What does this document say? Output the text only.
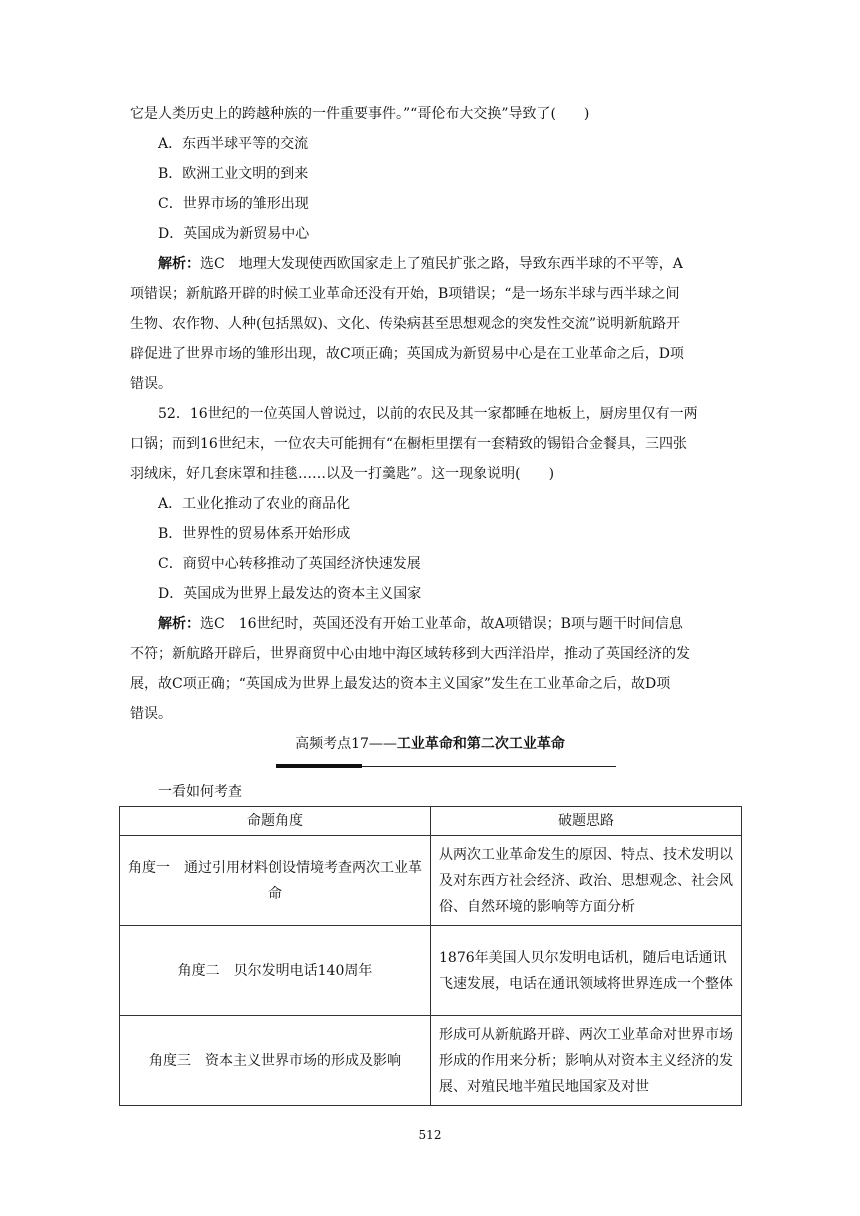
它是人类历史上的跨越种族的一件重要事件。”“哥伦布大交换”导致了(　　)
A．东西半球平等的交流
B．欧洲工业文明的到来
C．世界市场的雏形出现
D．英国成为新贸易中心
解析：选C　地理大发现使西欧国家走上了殖民扩张之路，导致东西半球的不平等，A
项错误；新航路开辟的时候工业革命还没有开始，B项错误；“是一场东半球与西半球之间
生物、农作物、人种(包括黑奴)、文化、传染病甚至思想观念的突发性交流”说明新航路开
辟促进了世界市场的雏形出现，故C项正确；英国成为新贸易中心是在工业革命之后，D项
错误。
52．16世纪的一位英国人曾说过，以前的农民及其一家都睡在地板上，厨房里仅有一两
口锅；而到16世纪末，一位农夫可能拥有“在橱柜里摆有一套精致的锡铅合金餐具，三四张
羽绒床，好几套床罩和挂毯……以及一打羹匙”。这一现象说明(　　)
A．工业化推动了农业的商品化
B．世界性的贸易体系开始形成
C．商贸中心转移推动了英国经济快速发展
D．英国成为世界上最发达的资本主义国家
解析：选C　16世纪时，英国还没有开始工业革命，故A项错误；B项与题干时间信息
不符；新航路开辟后，世界商贸中心由地中海区域转移到大西洋沿岸，推动了英国经济的发
展，故C项正确；“英国成为世界上最发达的资本主义国家”发生在工业革命之后，故D项
错误。
高频考点17——工业革命和第二次工业革命
一看如何考查
命题角度	破题思路
角度一　通过引用材料创设情境考查两次工业革命	从两次工业革命发生的原因、特点、技术发明以及对东西方社会经济、政治、思想观念、社会风俗、自然环境的影响等方面分析
角度二　贝尔发明电话140周年	1876年美国人贝尔发明电话机，随后电话通讯飞速发展，电话在通讯领域将世界连成一个整体
角度三　资本主义世界市场的形成及影响	形成可从新航路开辟、两次工业革命对世界市场形成的作用来分析；影响从对资本主义经济的发展、对殖民地半殖民地国家及对世
512
